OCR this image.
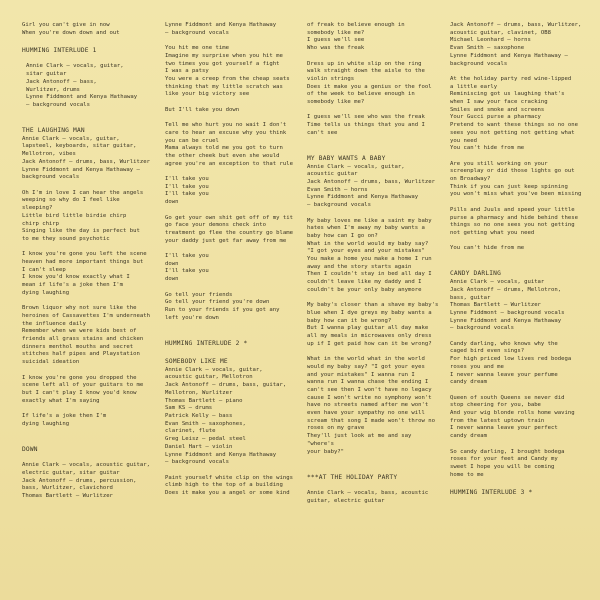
Girl you can't give in now
When you're down down and out
HUMMING INTERLUDE 1
Annie Clark – vocals, guitar,
sitar guitar
Jack Antonoff – bass,
Wurlitzer, drums
Lynne Fiddmont and Kenya Hathaway
– background vocals
THE LAUGHING MAN
Annie Clark – vocals, guitar,
lapsteel, keyboards, sitar guitar,
Mellotron, vibes
Jack Antonoff – drums, bass, Wurlitzer
Lynne Fiddmont and Kenya Hathaway –
background vocals
Oh I'm in love I can hear the angels
weeping so why do I feel like
sleeping?
Little bird little birdie chirp
chirp chirp
Singing like the day is perfect but
to me they sound psychotic
I know you're gone you left the scene
heaven had more important things but
I can't sleep
I know you'd know exactly what I
mean if life's a joke then I'm
dying laughing
Brown liquor why not sure like the
heroines of Cassavettes I'm underneath
the influence daily
Remember when we were kids best of
friends all grass stains and chicken
dinners menthol mouths and secret
stitches half pipes and Playstation
suicidal ideation
I know you're gone you dropped the
scene left all of your guitars to me
but I can't play I know you'd know
exactly what I'm saying
If life's a joke then I'm
dying laughing
DOWN
Annie Clark – vocals, acoustic guitar,
electric guitar, sitar guitar
Jack Antonoff – drums, percussion,
bass, Wurlitzer, clavichord
Thomas Bartlett – Wurlitzer
Lynne Fiddmont and Kenya Hathaway
– background vocals
You hit me one time
Imagine my surprise when you hit me
two times you got yourself a fight
I was a patsy
You were a creep from the cheap seats
thinking that my little scratch was
like your big victory see
But I'll take you down
Tell me who hurt you no wait I don't
care to hear an excuse why you think
you can be cruel
Mama always told me you got to turn
the other cheek but even she would
agree you're an exception to that rule
I'll take you
I'll take you
I'll take you
down
Go get your own shit get off of my tit
go face your demons check into
treatment go flee the country go blame
your daddy just get far away from me
I'll take you
down
I'll take you
down
Go tell your friends
Go tell your friend you're down
Run to your friends if you got any
left you're down
HUMMING INTERLUDE 2 *
SOMEBODY LIKE ME
Annie Clark – vocals, guitar,
acoustic guitar, Mellotron
Jack Antonoff – drums, bass, guitar,
Mellotron, Wurlitzer
Thomas Bartlett – piano
Sam KS – drums
Patrick Kelly – bass
Evan Smith – saxophones,
clarinet, flute
Greg Leisz – pedal steel
Daniel Hart – violin
Lynne Fiddmont and Kenya Hathaway
– background vocals
Paint yourself white clip on the wings
climb high to the top of a building
Does it make you a angel or some kind
of freak to believe enough in
somebody like me?
I guess we'll see
Who was the freak
Dress up in white slip on the ring
walk straight down the aisle to the
violin strings
Does it make you a genius or the fool
of the week to believe enough in
somebody like me?
I guess we'll see who was the freak
Time tells us things that you and I
can't see
MY BABY WANTS A BABY
Annie Clark – vocals, guitar,
acoustic guitar
Jack Antonoff – drums, bass, Wurlitzer
Evan Smith – horns
Lynne Fiddmont and Kenya Hathaway
– background vocals
My baby loves me like a saint my baby
hates when I'm away my baby wants a
baby how can I go on?
What in the world would my baby say?
"I got your eyes and your mistakes"
You make a home you make a home I run
away and the story starts again
Then I couldn't stay in bed all day I
couldn't leave like my daddy and I
couldn't be your only baby anymore
My baby's closer than a shave my baby's
blue when I dye greys my baby wants a
baby how can it be wrong?
But I wanna play guitar all day make
all my meals in microwaves only dress
up if I get paid how can it be wrong?
What in the world what in the world
would my baby say? "I got your eyes
and your mistakes" I wanna run I
wanna run I wanna chase the ending I
can't see then I won't have no legacy
cause I won't write no symphony won't
have no streets named after me won't
even have your sympathy no one will
scream that song I made won't throw no
roses on my grave
They'll just look at me and say "where's
your baby?"
***AT THE HOLIDAY PARTY
Annie Clark – vocals, bass, acoustic
guitar, electric guitar
Jack Antonoff – drums, bass, Wurlitzer,
acoustic guitar, clavinet, OB8
Michael Leonhard – horns
Evan Smith – saxophone
Lynne Fiddmont and Kenya Hathaway –
background vocals
At the holiday party red wine-lipped
a little early
Reminiscing got us laughing that's
when I saw your face cracking
Smiles and smoke and screens
Your Gucci purse a pharmacy
Pretend to want these things so no one
sees you not getting not getting what
you need
You can't hide from me
Are you still working on your
screenplay or did those lights go out
on Broadway?
Think if you can just keep spinning
you won't miss what you've been missing
Pills and Juuls and speed your little
purse a pharmacy and hide behind these
things so no one sees you not getting
not getting what you need
You can't hide from me
CANDY DARLING
Annie Clark – vocals, guitar
Jack Antonoff – drums, Mellotron,
bass, guitar
Thomas Bartlett – Wurlitzer
Lynne Fiddmont – background vocals
Lynne Fiddmont and Kenya Hathaway
– background vocals
Candy darling, who knows why the
caged bird even sings?
For high priced low lives red bodega
roses you and me
I never wanna leave your perfume
candy dream
Queen of south Queens se never did
stop cheering for you, babe
And your wig blonde rolls home waving
from the latest uptown train
I never wanna leave your perfect
candy dream
So candy darling, I brought bodega
roses for your feet and Candy my
sweet I hope you will be coming
home to me
HUMMING INTERLUDE 3 *
